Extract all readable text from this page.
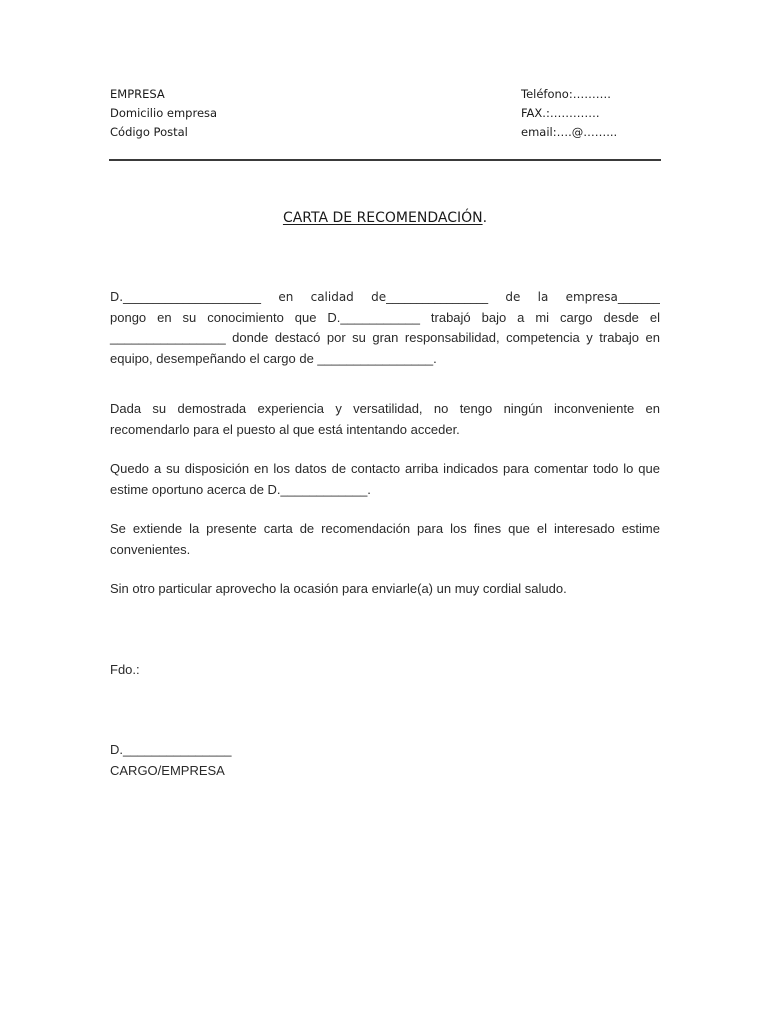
EMPRESA
Domicilio empresa
Código Postal
Teléfono:……….
FAX.:………….
email:….@……...
CARTA DE RECOMENDACIÓN.
D._______________________ en calidad de_________________ de la empresa_______
pongo en su conocimiento que D.___________ trabajó bajo a mi cargo desde el
________________ donde destacó por su gran responsabilidad, competencia y trabajo en
equipo, desempeñando el cargo de ________________.
Dada su demostrada experiencia y versatilidad, no tengo ningún inconveniente en recomendarlo para el puesto al que está intentando acceder.
Quedo a su disposición en los datos de contacto arriba indicados para comentar todo lo que estime oportuno acerca de D.____________.
Se extiende la presente carta de recomendación para los fines que el interesado estime convenientes.
Sin otro particular aprovecho la ocasión para enviarle(a) un muy cordial saludo.
Fdo.:
D._______________
CARGO/EMPRESA
